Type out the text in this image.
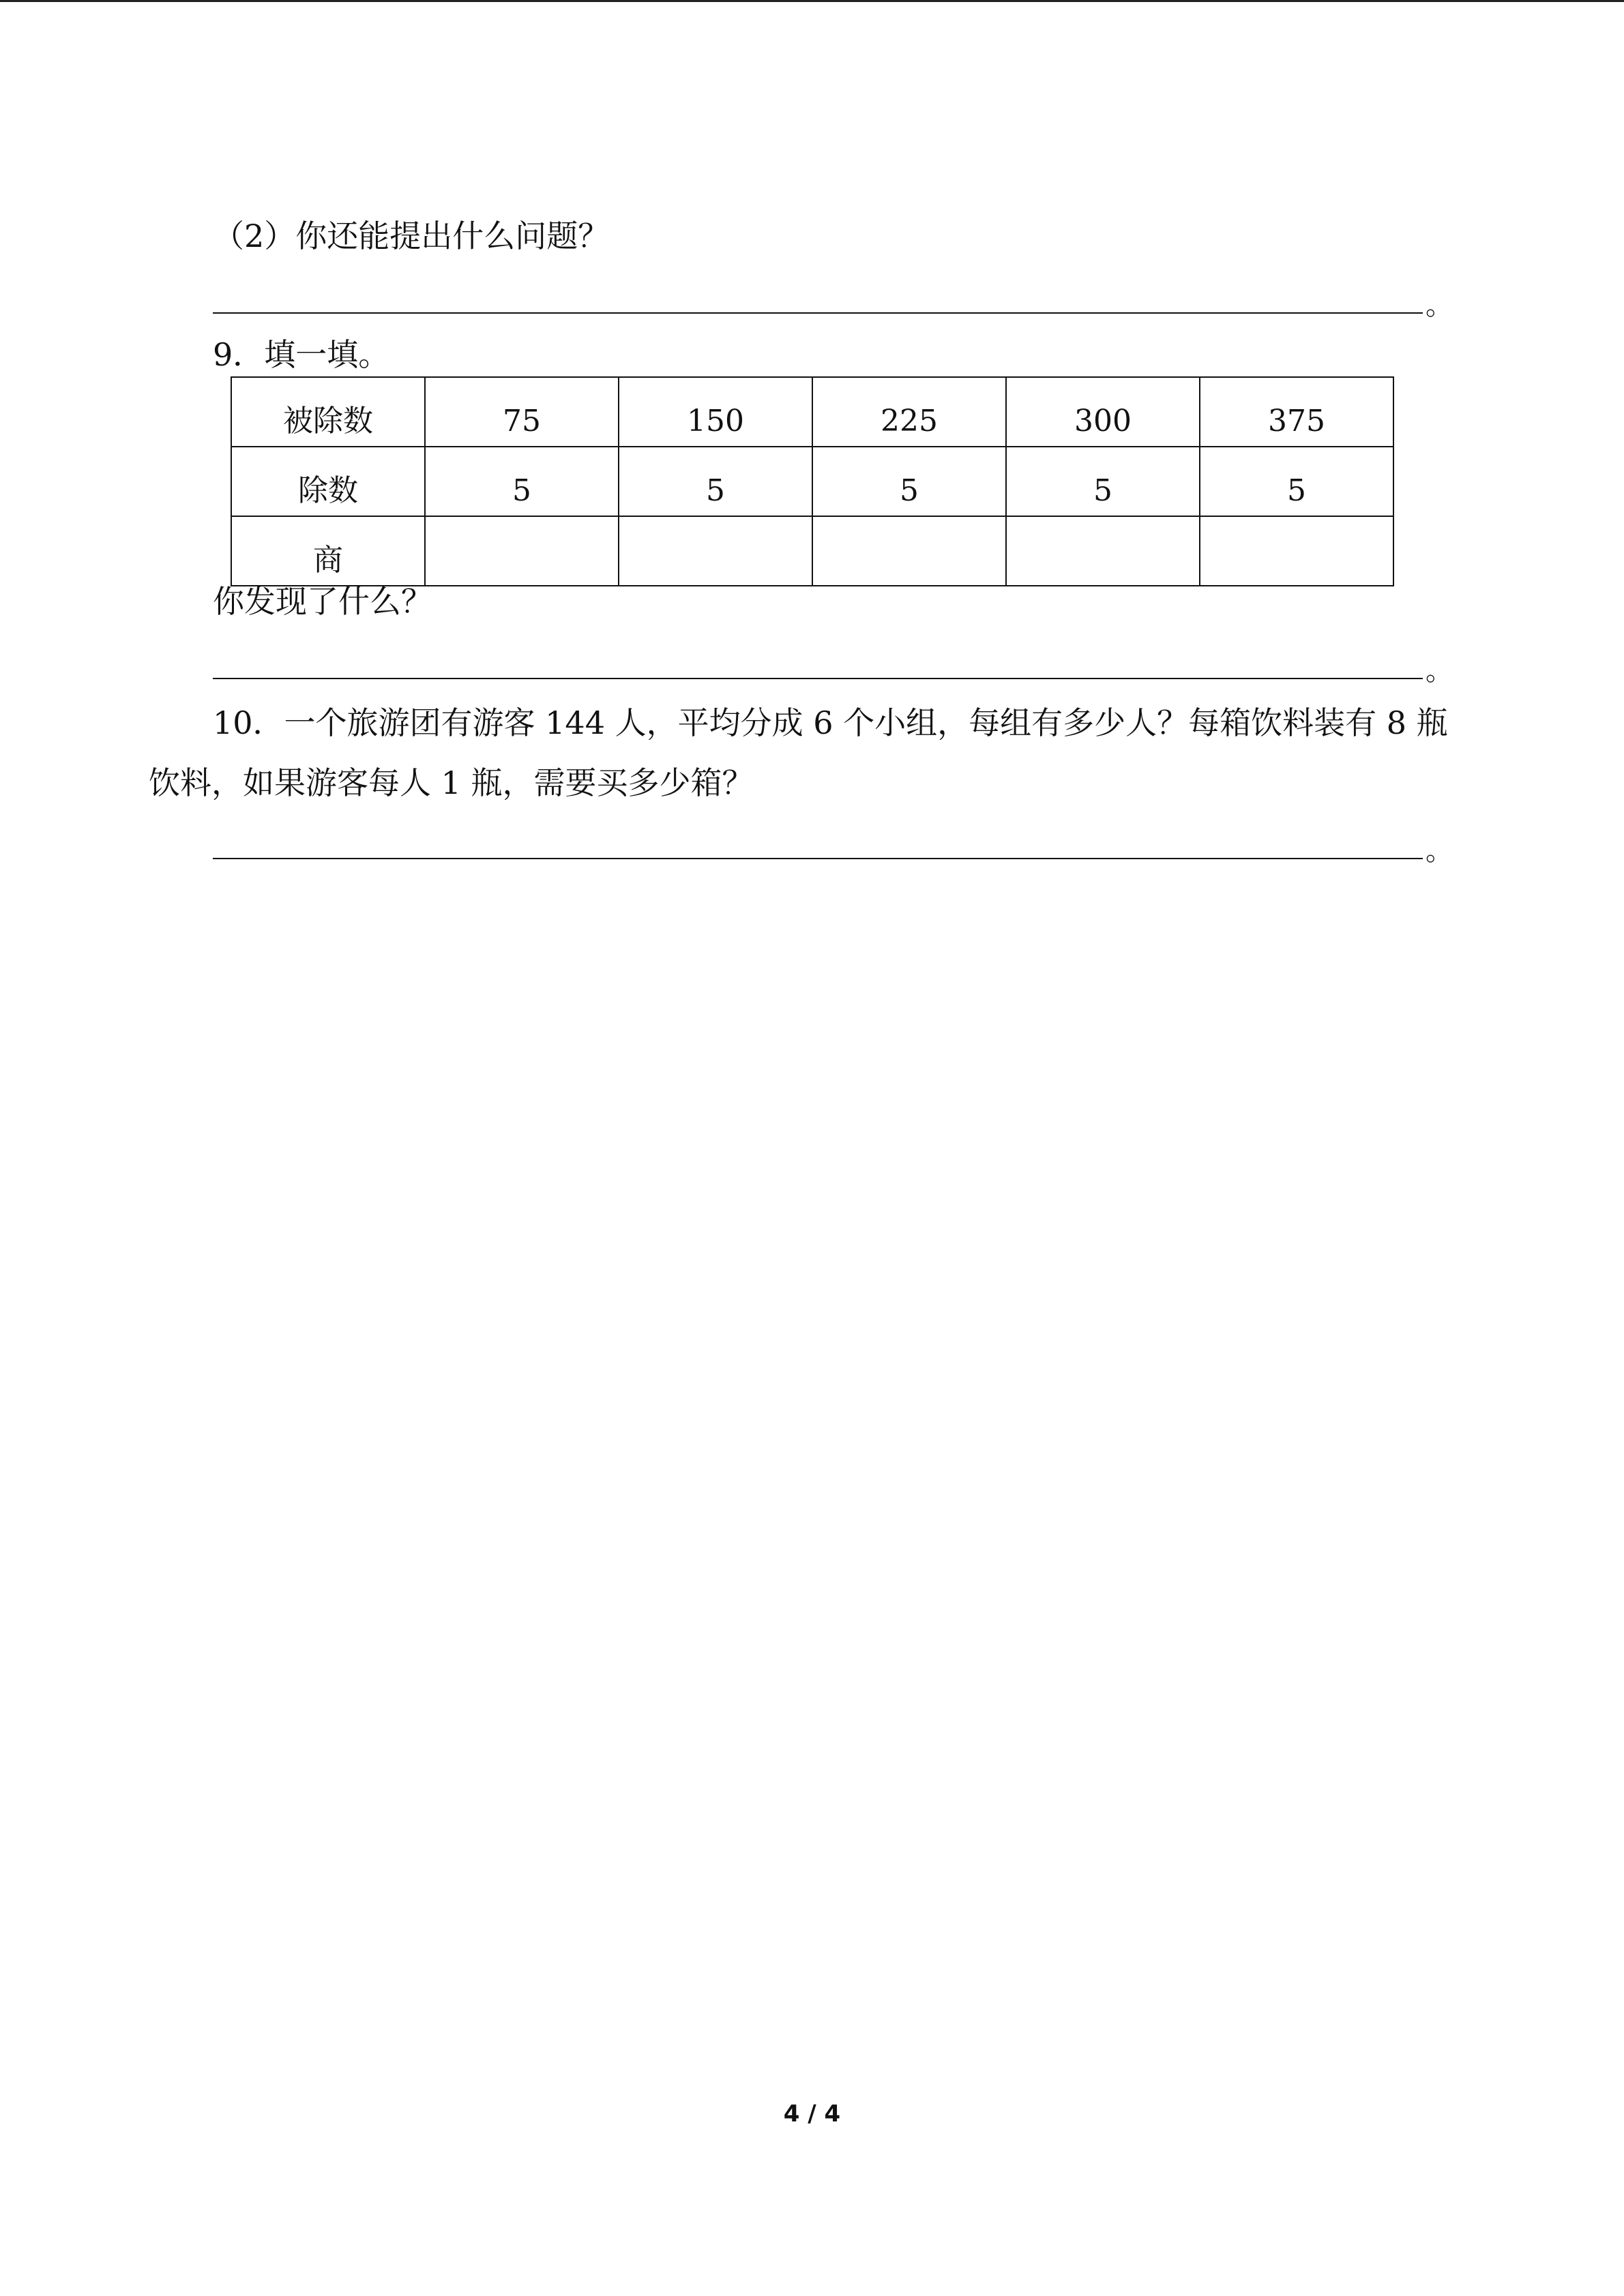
（2）你还能提出什么问题？
。
9．填一填。
被除数	75	150	225	300	375
除数	5	5	5	5	5
商					
你发现了什么？
。
10．一个旅游团有游客 144 人，平均分成 6 个小组，每组有多少人？每箱饮料装有 8 瓶
饮料，如果游客每人 1 瓶，需要买多少箱？
。
4 / 4
